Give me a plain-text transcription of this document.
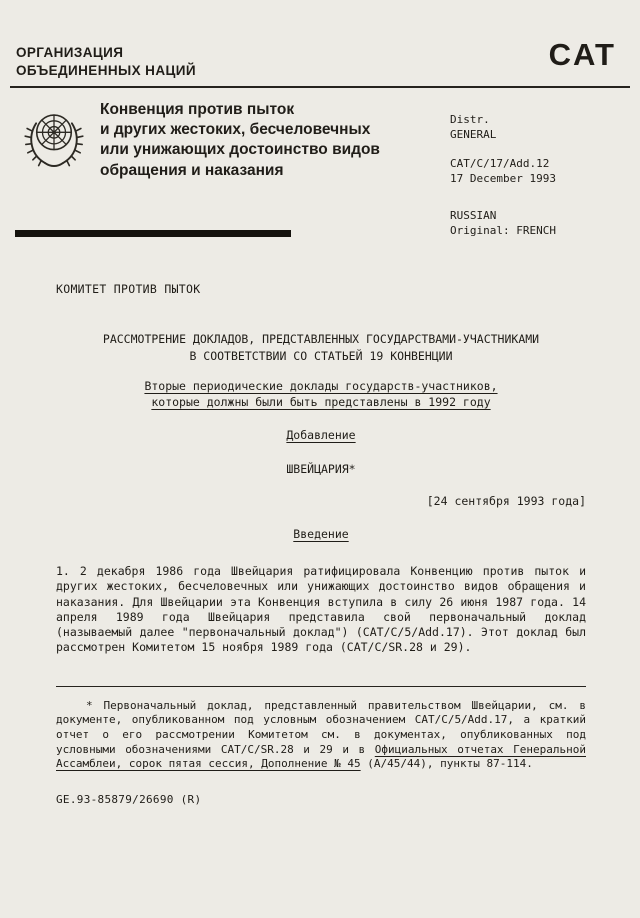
ОРГАНИЗАЦИЯ
ОБЪЕДИНЕННЫХ НАЦИЙ	CAT
Конвенция против пыток
и других жестоких, бесчеловечных
или унижающих достоинство видов
обращения и наказания
Distr.
GENERAL
CAT/C/17/Add.12
17 December 1993
RUSSIAN
Original: FRENCH
КОМИТЕТ ПРОТИВ ПЫТОК
РАССМОТРЕНИЕ ДОКЛАДОВ, ПРЕДСТАВЛЕННЫХ ГОСУДАРСТВАМИ-УЧАСТНИКАМИ
В СООТВЕТСТВИИ СО СТАТЬЕЙ 19 КОНВЕНЦИИ
Вторые периодические доклады государств-участников,
которые должны были быть представлены в 1992 году
Добавление
ШВЕЙЦАРИЯ*
[24 сентября 1993 года]
Введение

1. 2 декабря 1986 года Швейцария ратифицировала Конвенцию против пыток и других жестоких, бесчеловечных или унижающих достоинство видов обращения и наказания. Для Швейцарии эта Конвенция вступила в силу 26 июня 1987 года. 14 апреля 1989 года Швейцария представила свой первоначальный доклад (называемый далее "первоначальный доклад") (CAT/C/5/Add.17). Этот доклад был рассмотрен Комитетом 15 ноября 1989 года (CAT/C/SR.28 и 29).

* Первоначальный доклад, представленный правительством Швейцарии, см. в документе, опубликованном под условным обозначением CAT/C/5/Add.17, а краткий отчет о его рассмотрении Комитетом см. в документах, опубликованных под условными обозначениями CAT/C/SR.28 и 29 и в Официальных отчетах Генеральной Ассамблеи, сорок пятая сессия, Дополнение № 45 (A/45/44), пункты 87-114.

GE.93-85879/26690 (R)
